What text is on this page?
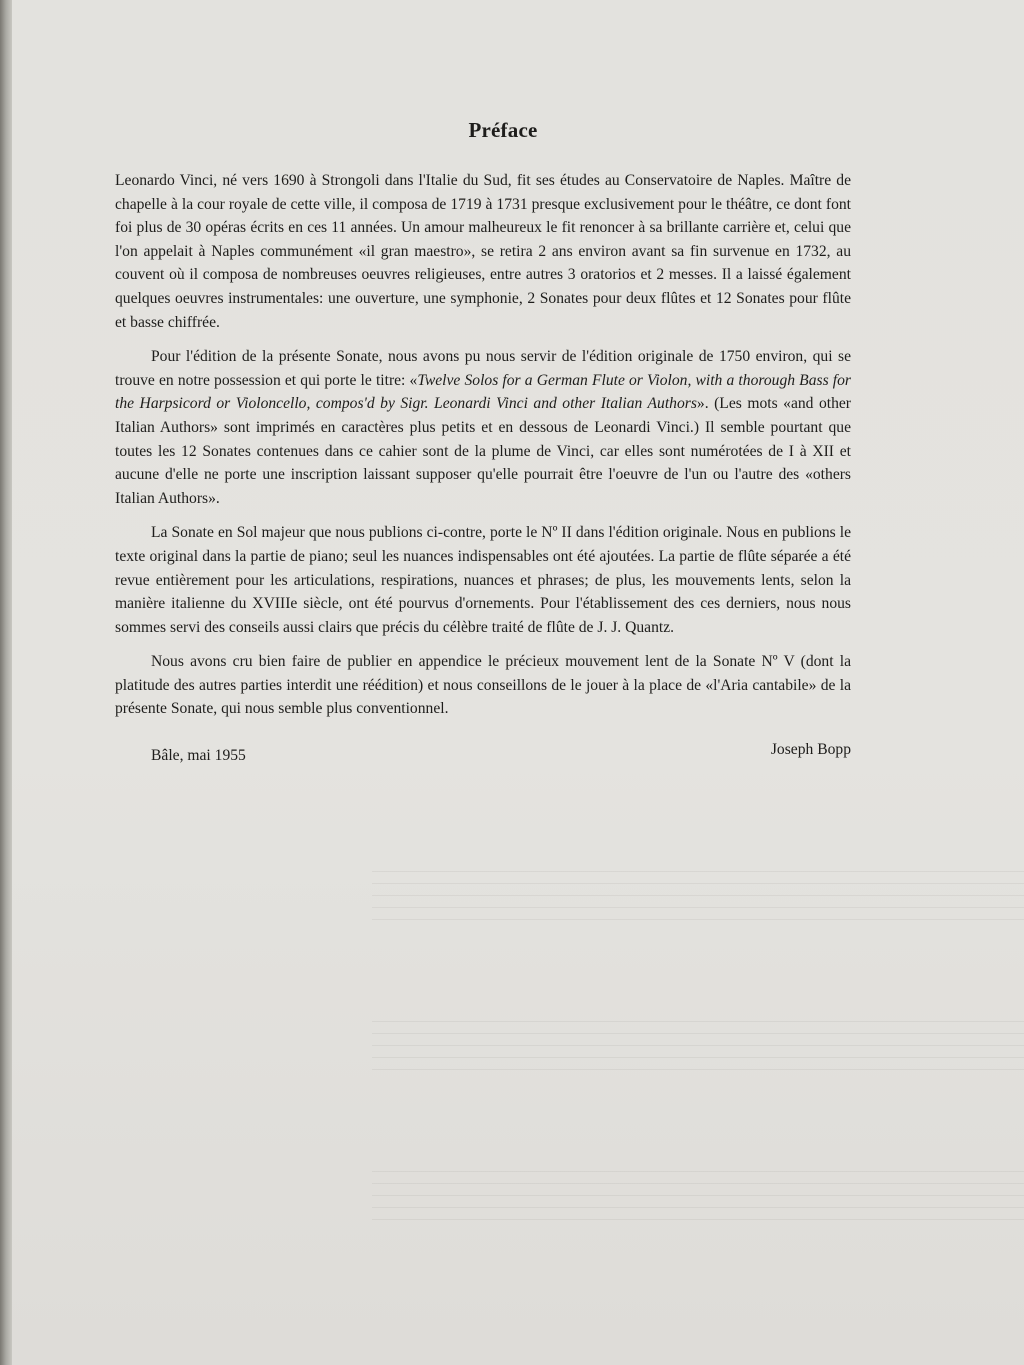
Préface

Leonardo Vinci, né vers 1690 à Strongoli dans l'Italie du Sud, fit ses études au Conservatoire de Naples. Maître de chapelle à la cour royale de cette ville, il composa de 1719 à 1731 presque exclusivement pour le théâtre, ce dont font foi plus de 30 opéras écrits en ces 11 années. Un amour malheureux le fit renoncer à sa brillante carrière et, celui que l'on appelait à Naples communément «il gran maestro», se retira 2 ans environ avant sa fin survenue en 1732, au couvent où il composa de nombreuses oeuvres religieuses, entre autres 3 oratorios et 2 messes. Il a laissé également quelques oeuvres instrumentales: une ouverture, une symphonie, 2 Sonates pour deux flûtes et 12 Sonates pour flûte et basse chiffrée.

Pour l'édition de la présente Sonate, nous avons pu nous servir de l'édition originale de 1750 environ, qui se trouve en notre possession et qui porte le titre: «Twelve Solos for a German Flute or Violon, with a thorough Bass for the Harpsicord or Violoncello, compos'd by Sigr. Leonardi Vinci and other Italian Authors». (Les mots «and other Italian Authors» sont imprimés en caractères plus petits et en dessous de Leonardi Vinci.) Il semble pourtant que toutes les 12 Sonates contenues dans ce cahier sont de la plume de Vinci, car elles sont numérotées de I à XII et aucune d'elle ne porte une inscription laissant supposer qu'elle pourrait être l'oeuvre de l'un ou l'autre des «others Italian Authors».

La Sonate en Sol majeur que nous publions ci-contre, porte le Nº II dans l'édition originale. Nous en publions le texte original dans la partie de piano; seul les nuances indispensables ont été ajoutées. La partie de flûte séparée a été revue entièrement pour les articulations, respirations, nuances et phrases; de plus, les mouvements lents, selon la manière italienne du XVIIIe siècle, ont été pourvus d'ornements. Pour l'établissement des ces derniers, nous nous sommes servi des conseils aussi clairs que précis du célèbre traité de flûte de J. J. Quantz.

Nous avons cru bien faire de publier en appendice le précieux mouvement lent de la Sonate Nº V (dont la platitude des autres parties interdit une réédition) et nous conseillons de le jouer à la place de «l'Aria cantabile» de la présente Sonate, qui nous semble plus conventionnel.

Bâle, mai 1955	Joseph Bopp
